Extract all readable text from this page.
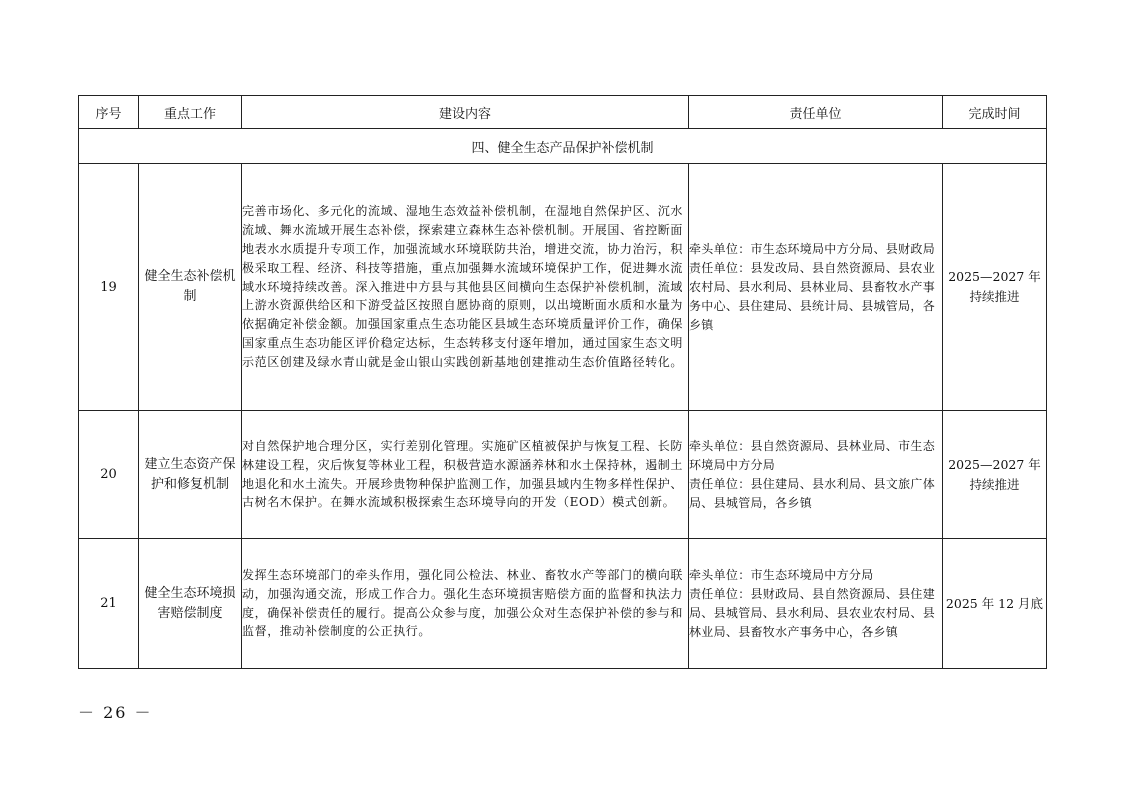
序号	重点工作	建设内容	责任单位	完成时间
四、健全生态产品保护补偿机制				
19	健全生态补偿机制	完善市场化、多元化的流域、湿地生态效益补偿机制，在湿地自然保护区、沉水流域、舞水流域开展生态补偿，探索建立森林生态补偿机制。开展国、省控断面地表水水质提升专项工作，加强流域水环境联防共治，增进交流，协力治污，积极采取工程、经济、科技等措施，重点加强舞水流域环境保护工作，促进舞水流域水环境持续改善。深入推进中方县与其他县区间横向生态保护补偿机制，流域上游水资源供给区和下游受益区按照自愿协商的原则，以出境断面水质和水量为依据确定补偿金额。加强国家重点生态功能区县域生态环境质量评价工作，确保国家重点生态功能区评价稳定达标，生态转移支付逐年增加，通过国家生态文明示范区创建及绿水青山就是金山银山实践创新基地创建推动生态价值路径转化。	牵头单位：市生态环境局中方分局、县财政局
责任单位：县发改局、县自然资源局、县农业农村局、县水利局、县林业局、县畜牧水产事务中心、县住建局、县统计局、县城管局，各乡镇	2025—2027 年持续推进
20	建立生态资产保护和修复机制	对自然保护地合理分区，实行差别化管理。实施矿区植被保护与恢复工程、长防林建设工程，灾后恢复等林业工程，积极营造水源涵养林和水土保持林，遏制土地退化和水土流失。开展珍贵物种保护监测工作，加强县域内生物多样性保护、古树名木保护。在舞水流域积极探索生态环境导向的开发（EOD）模式创新。	牵头单位：县自然资源局、县林业局、市生态环境局中方分局
责任单位：县住建局、县水利局、县文旅广体局、县城管局，各乡镇	2025—2027 年持续推进
21	健全生态环境损害赔偿制度	发挥生态环境部门的牵头作用，强化同公检法、林业、畜牧水产等部门的横向联动，加强沟通交流，形成工作合力。强化生态环境损害赔偿方面的监督和执法力度，确保补偿责任的履行。提高公众参与度，加强公众对生态保护补偿的参与和监督，推动补偿制度的公正执行。	牵头单位：市生态环境局中方分局
责任单位：县财政局、县自然资源局、县住建局、县城管局、县水利局、县农业农村局、县林业局、县畜牧水产事务中心，各乡镇	2025 年 12 月底
－ 26 －
